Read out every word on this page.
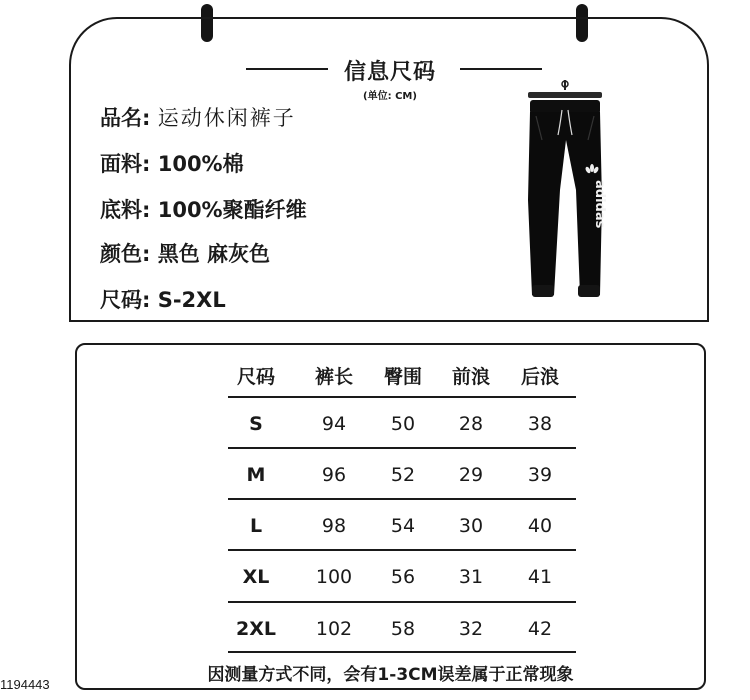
信息尺码
(单位: CM)
品名: 运动休闲裤子
面料: 100%棉
底料: 100%聚酯纤维
颜色: 黑色 麻灰色
尺码: S-2XL
adidas
尺码	裤长	臀围	前浪	后浪
S	94	50	28	38
M	96	52	29	39
L	98	54	30	40
XL	100	56	31	41
2XL	102	58	32	42
因测量方式不同，会有1-3CM误差属于正常现象
1194443
